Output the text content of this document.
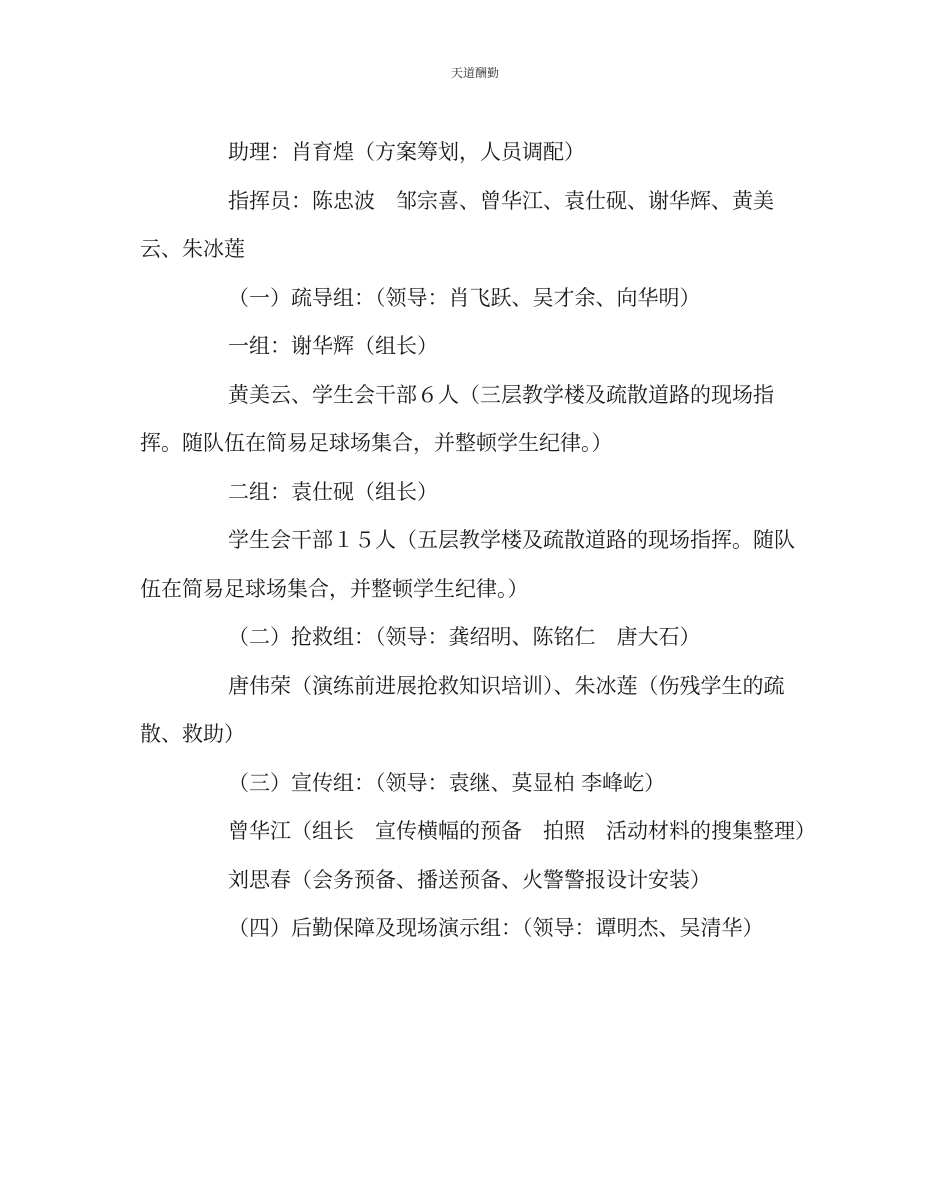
天道酬勤

助理：肖育煌（方案筹划，人员调配）

指挥员：陈忠波　邹宗喜、曾华江、袁仕砚、谢华辉、黄美云、朱冰莲

（一）疏导组：（领导：肖飞跃、吴才余、向华明）

一组：谢华辉（组长）

黄美云、学生会干部６人（三层教学楼及疏散道路的现场指挥。随队伍在简易足球场集合，并整顿学生纪律。）

二组：袁仕砚（组长）

学生会干部１５人（五层教学楼及疏散道路的现场指挥。随队伍在简易足球场集合，并整顿学生纪律。）

（二）抢救组：（领导：龚绍明、陈铭仁　唐大石）

唐伟荣（演练前进展抢救知识培训）、朱冰莲（伤残学生的疏散、救助）

（三）宣传组：（领导：袁继、莫显柏 李峰屹）

曾华江（组长　宣传横幅的预备　拍照　活动材料的搜集整理）

刘思春（会务预备、播送预备、火警警报设计安装）

（四）后勤保障及现场演示组：（领导：谭明杰、吴清华）
